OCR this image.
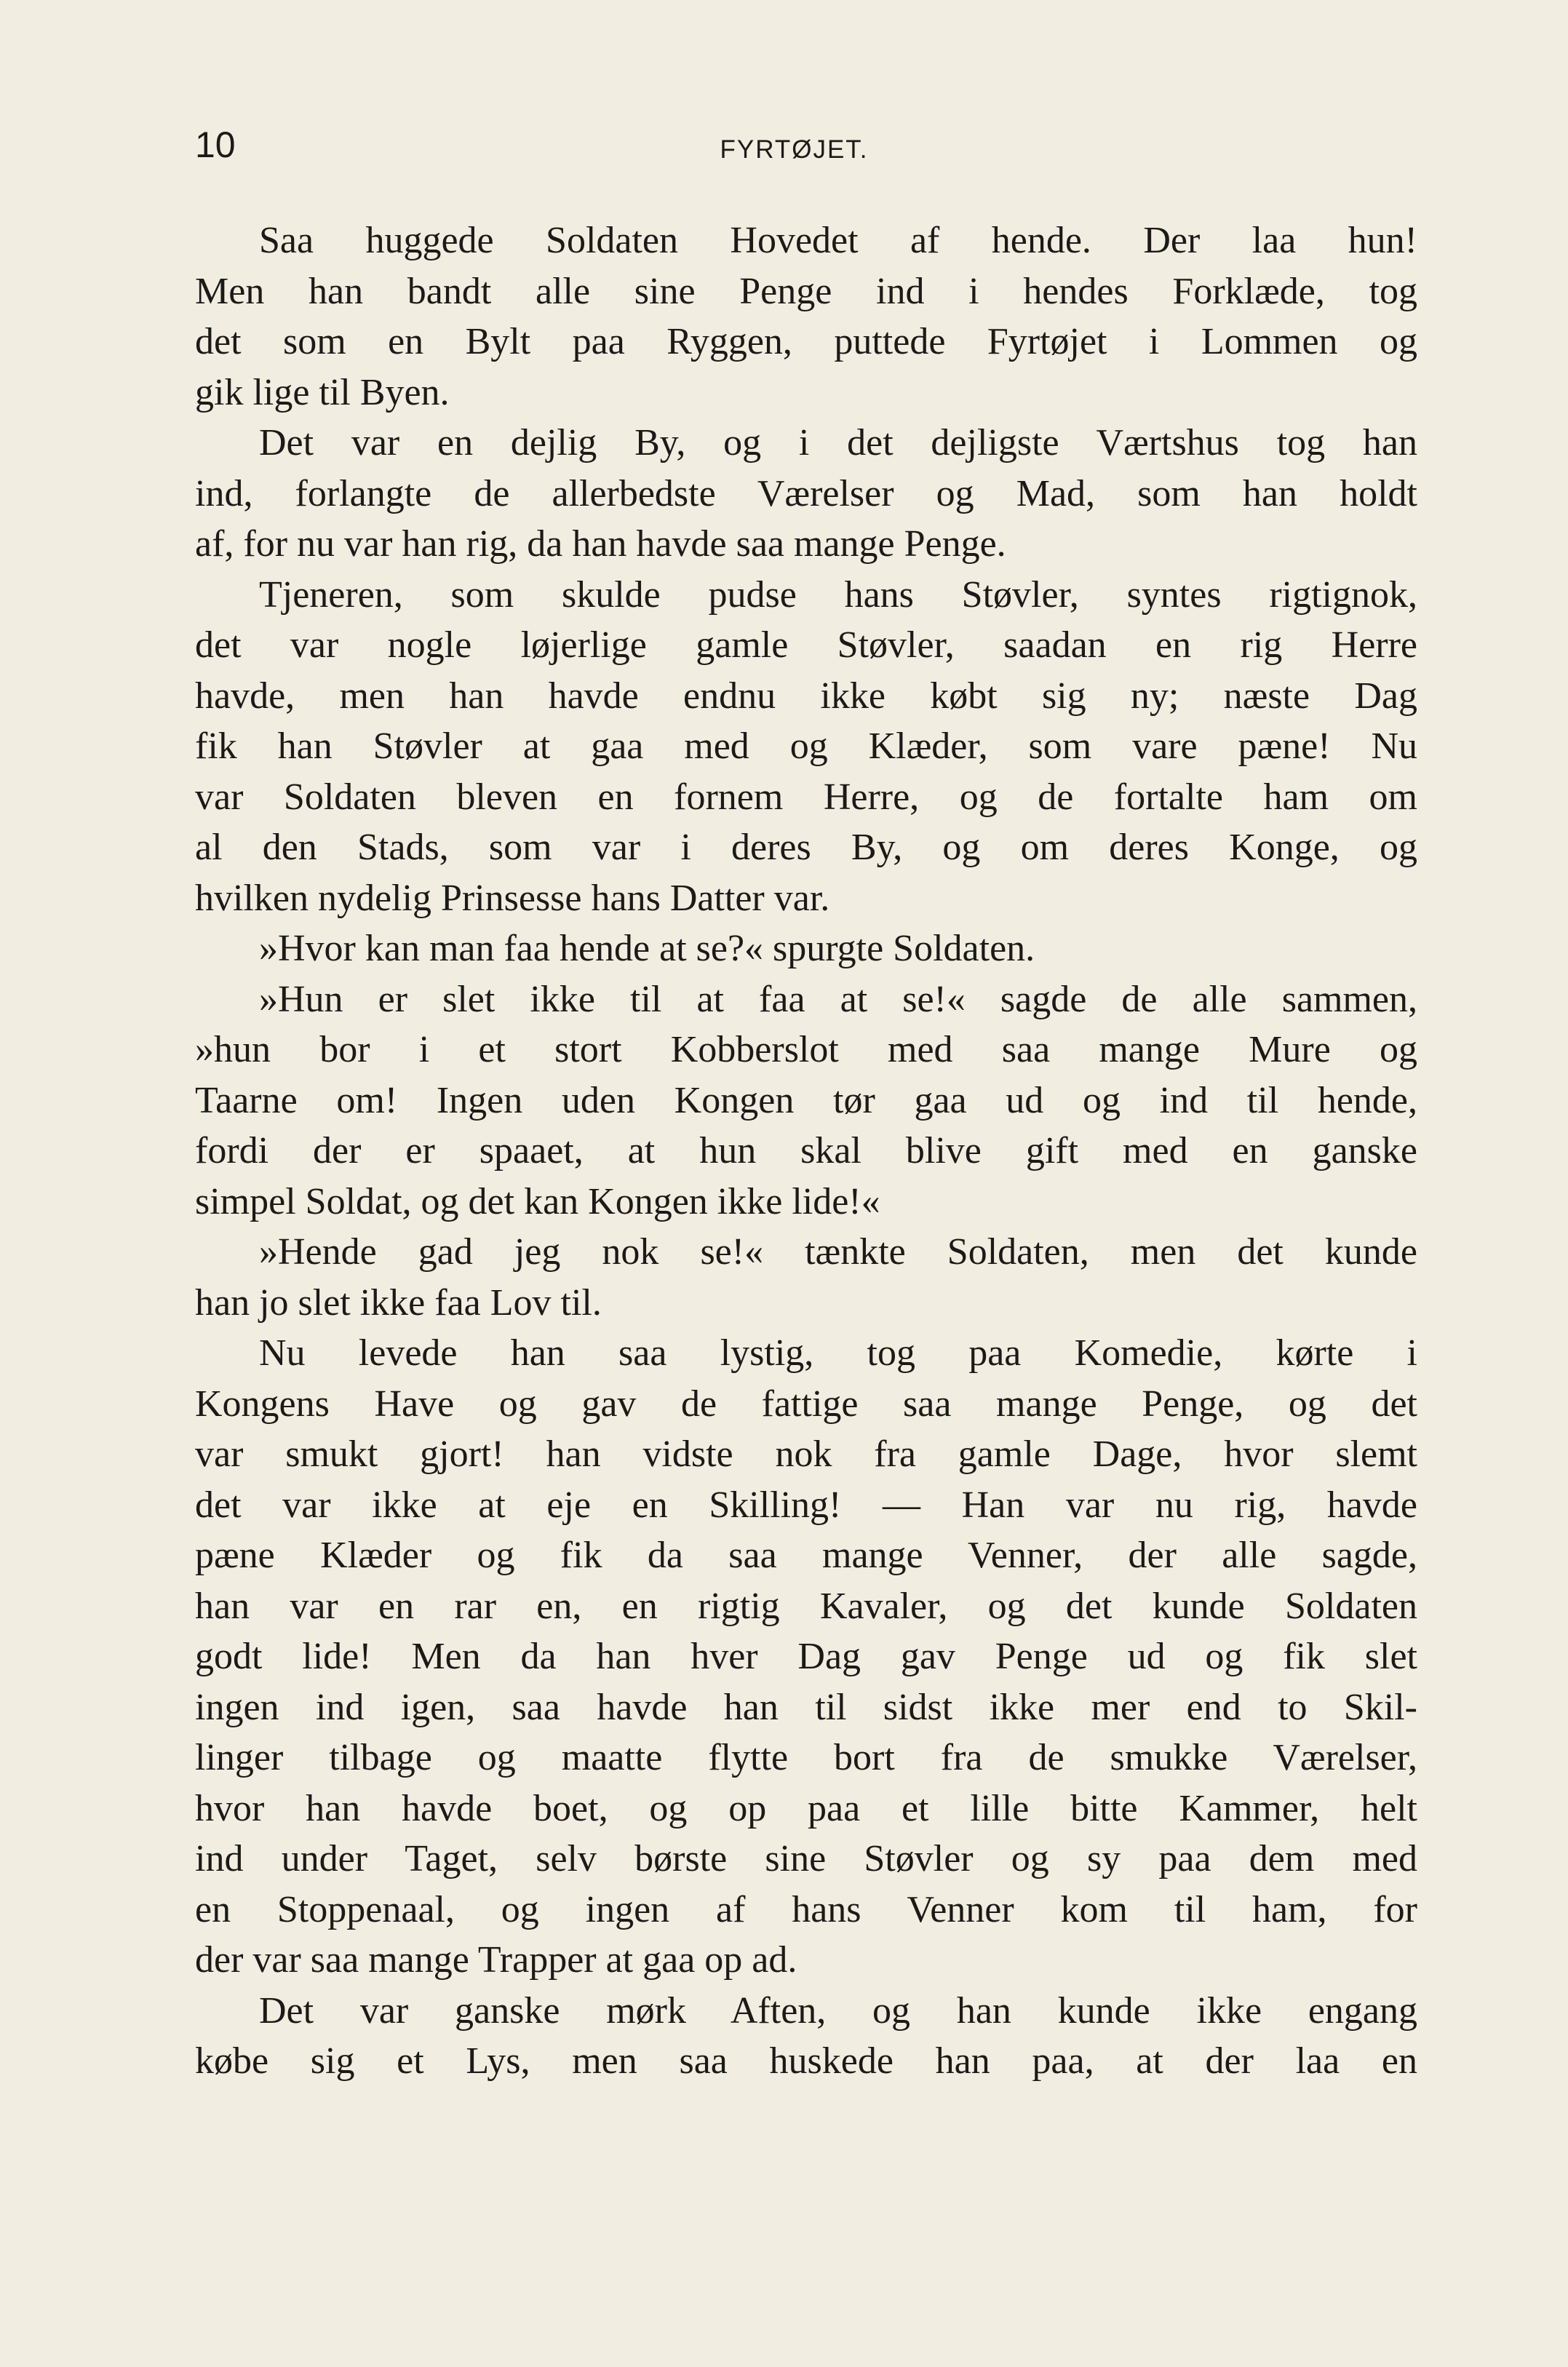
10	FYRTØJET.
Saa huggede Soldaten Hovedet af hende. Der laa hun!
Men han bandt alle sine Penge ind i hendes Forklæde, tog
det som en Bylt paa Ryggen, puttede Fyrtøjet i Lommen og
gik lige til Byen.
Det var en dejlig By, og i det dejligste Værtshus tog han
ind, forlangte de allerbedste Værelser og Mad, som han holdt
af, for nu var han rig, da han havde saa mange Penge.
Tjeneren, som skulde pudse hans Støvler, syntes rigtignok,
det var nogle løjerlige gamle Støvler, saadan en rig Herre
havde, men han havde endnu ikke købt sig ny; næste Dag
fik han Støvler at gaa med og Klæder, som vare pæne! Nu
var Soldaten bleven en fornem Herre, og de fortalte ham om
al den Stads, som var i deres By, og om deres Konge, og
hvilken nydelig Prinsesse hans Datter var.
»Hvor kan man faa hende at se?« spurgte Soldaten.
»Hun er slet ikke til at faa at se!« sagde de alle sammen,
»hun bor i et stort Kobberslot med saa mange Mure og
Taarne om! Ingen uden Kongen tør gaa ud og ind til hende,
fordi der er spaaet, at hun skal blive gift med en ganske
simpel Soldat, og det kan Kongen ikke lide!«
»Hende gad jeg nok se!« tænkte Soldaten, men det kunde
han jo slet ikke faa Lov til.
Nu levede han saa lystig, tog paa Komedie, kørte i
Kongens Have og gav de fattige saa mange Penge, og det
var smukt gjort! han vidste nok fra gamle Dage, hvor slemt
det var ikke at eje en Skilling! — Han var nu rig, havde
pæne Klæder og fik da saa mange Venner, der alle sagde,
han var en rar en, en rigtig Kavaler, og det kunde Soldaten
godt lide! Men da han hver Dag gav Penge ud og fik slet
ingen ind igen, saa havde han til sidst ikke mer end to Skil-
linger tilbage og maatte flytte bort fra de smukke Værelser,
hvor han havde boet, og op paa et lille bitte Kammer, helt
ind under Taget, selv børste sine Støvler og sy paa dem med
en Stoppenaal, og ingen af hans Venner kom til ham, for
der var saa mange Trapper at gaa op ad.
Det var ganske mørk Aften, og han kunde ikke engang
købe sig et Lys, men saa huskede han paa, at der laa en
